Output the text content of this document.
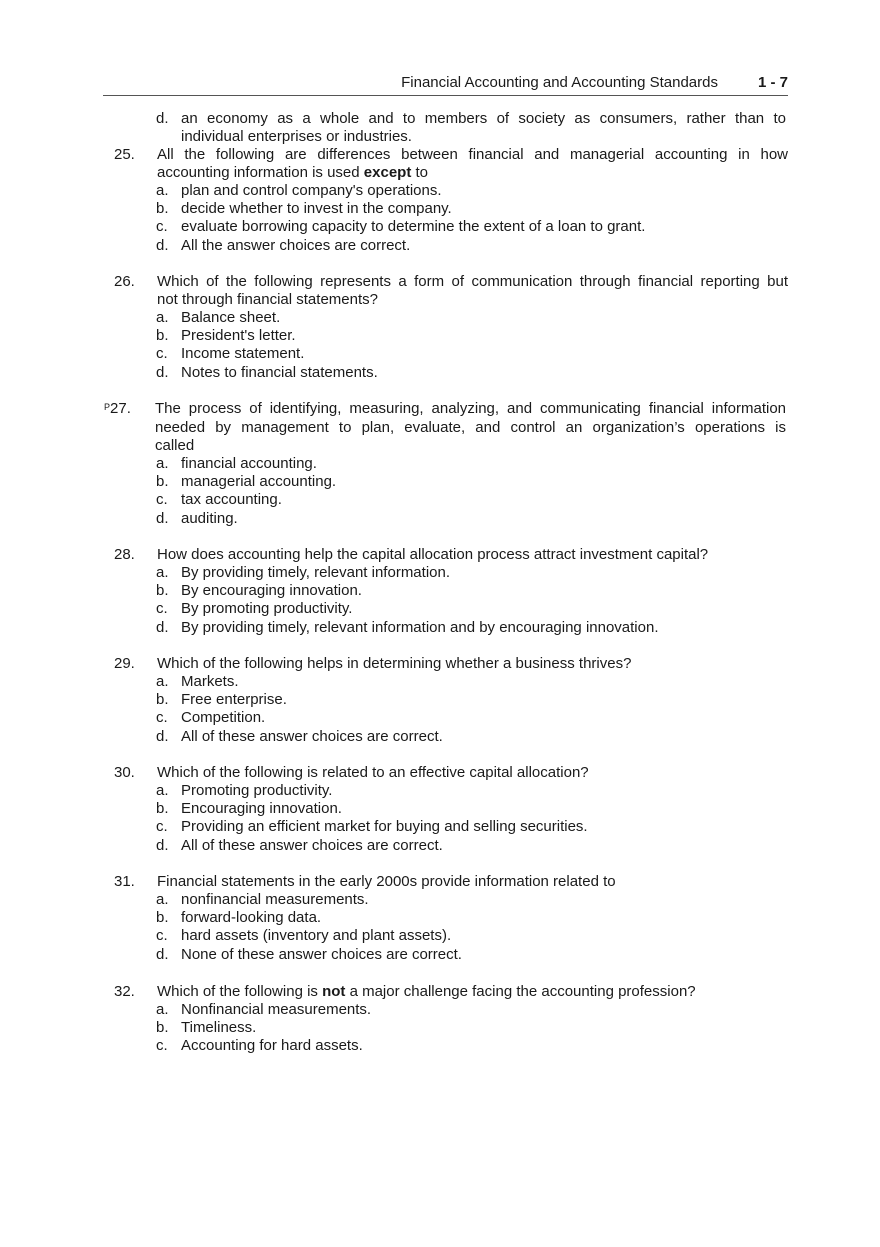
Financial Accounting and Accounting Standards	1 - 7
d. an economy as a whole and to members of society as consumers, rather than to
individual enterprises or industries.
25. All the following are differences between financial and managerial accounting in how
accounting information is used except to
a. plan and control company's operations.
b. decide whether to invest in the company.
c. evaluate borrowing capacity to determine the extent of a loan to grant.
d. All the answer choices are correct.
26. Which of the following represents a form of communication through financial reporting but
not through financial statements?
a. Balance sheet.
b. President's letter.
c. Income statement.
d. Notes to financial statements.
$^P$27. The process of identifying, measuring, analyzing, and communicating financial information
needed by management to plan, evaluate, and control an organization’s operations is
called
a. financial accounting.
b. managerial accounting.
c. tax accounting.
d. auditing.
28. How does accounting help the capital allocation process attract investment capital?
a. By providing timely, relevant information.
b. By encouraging innovation.
c. By promoting productivity.
d. By providing timely, relevant information and by encouraging innovation.
29. Which of the following helps in determining whether a business thrives?
a. Markets.
b. Free enterprise.
c. Competition.
d. All of these answer choices are correct.
30. Which of the following is related to an effective capital allocation?
a. Promoting productivity.
b. Encouraging innovation.
c. Providing an efficient market for buying and selling securities.
d. All of these answer choices are correct.
31. Financial statements in the early 2000s provide information related to
a. nonfinancial measurements.
b. forward-looking data.
c. hard assets (inventory and plant assets).
d. None of these answer choices are correct.
32. Which of the following is not a major challenge facing the accounting profession?
a. Nonfinancial measurements.
b. Timeliness.
c. Accounting for hard assets.
